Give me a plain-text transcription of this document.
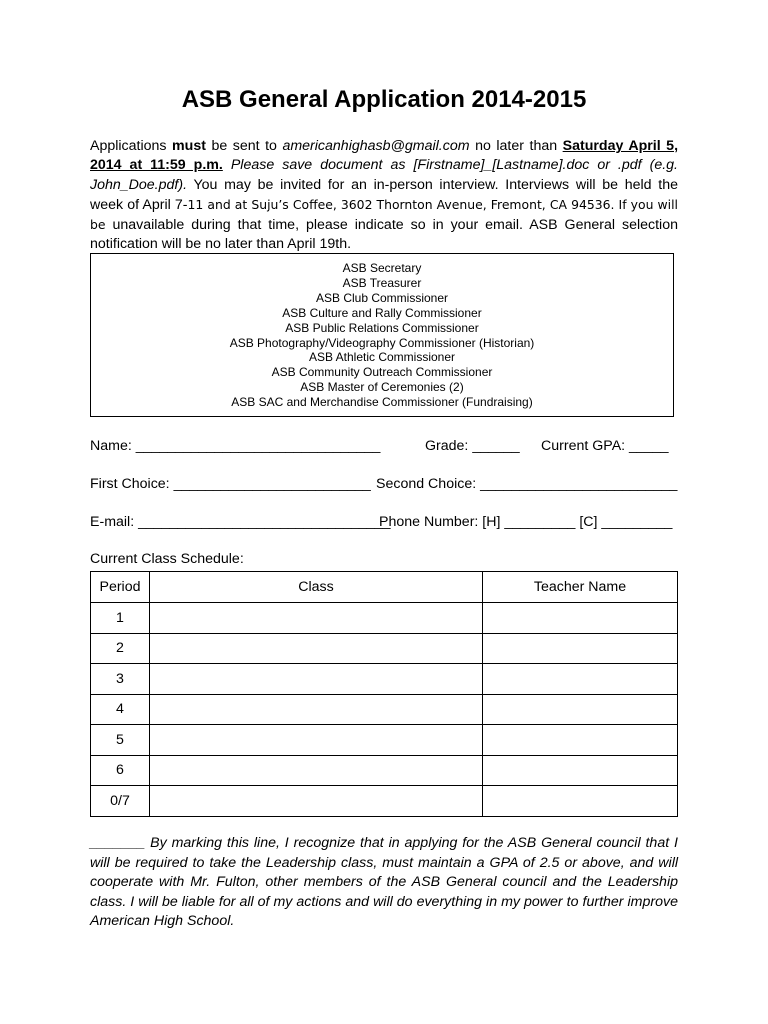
ASB General Application 2014-2015
Applications must be sent to americanhighasb@gmail.com no later than Saturday April 5, 2014 at 11:59 p.m. Please save document as [Firstname]_[Lastname].doc or .pdf (e.g. John_Doe.pdf). You may be invited for an in-person interview. Interviews will be held the week of April 7-11 and at Suju’s Coffee, 3602 Thornton Avenue, Fremont, CA 94536. If you will be unavailable during that time, please indicate so in your email. ASB General selection notification will be no later than April 19th.
ASB Secretary
ASB Treasurer
ASB Club Commissioner
ASB Culture and Rally Commissioner
ASB Public Relations Commissioner
ASB Photography/Videography Commissioner (Historian)
ASB Athletic Commissioner
ASB Community Outreach Commissioner
ASB Master of Ceremonies (2)
ASB SAC and Merchandise Commissioner (Fundraising)
Name: _______________________________	Grade: ______ Current GPA: _____
First Choice: _________________________ Second Choice: _________________________
E-mail: ________________________________
Phone Number: [H] _________ [C] _________
Current Class Schedule:
Period	Class	Teacher Name
1		
2		
3		
4		
5		
6		
0/7		
_______ By marking this line, I recognize that in applying for the ASB General council that I will be required to take the Leadership class, must maintain a GPA of 2.5 or above, and will cooperate with Mr. Fulton, other members of the ASB General council and the Leadership class. I will be liable for all of my actions and will do everything in my power to further improve American High School.
